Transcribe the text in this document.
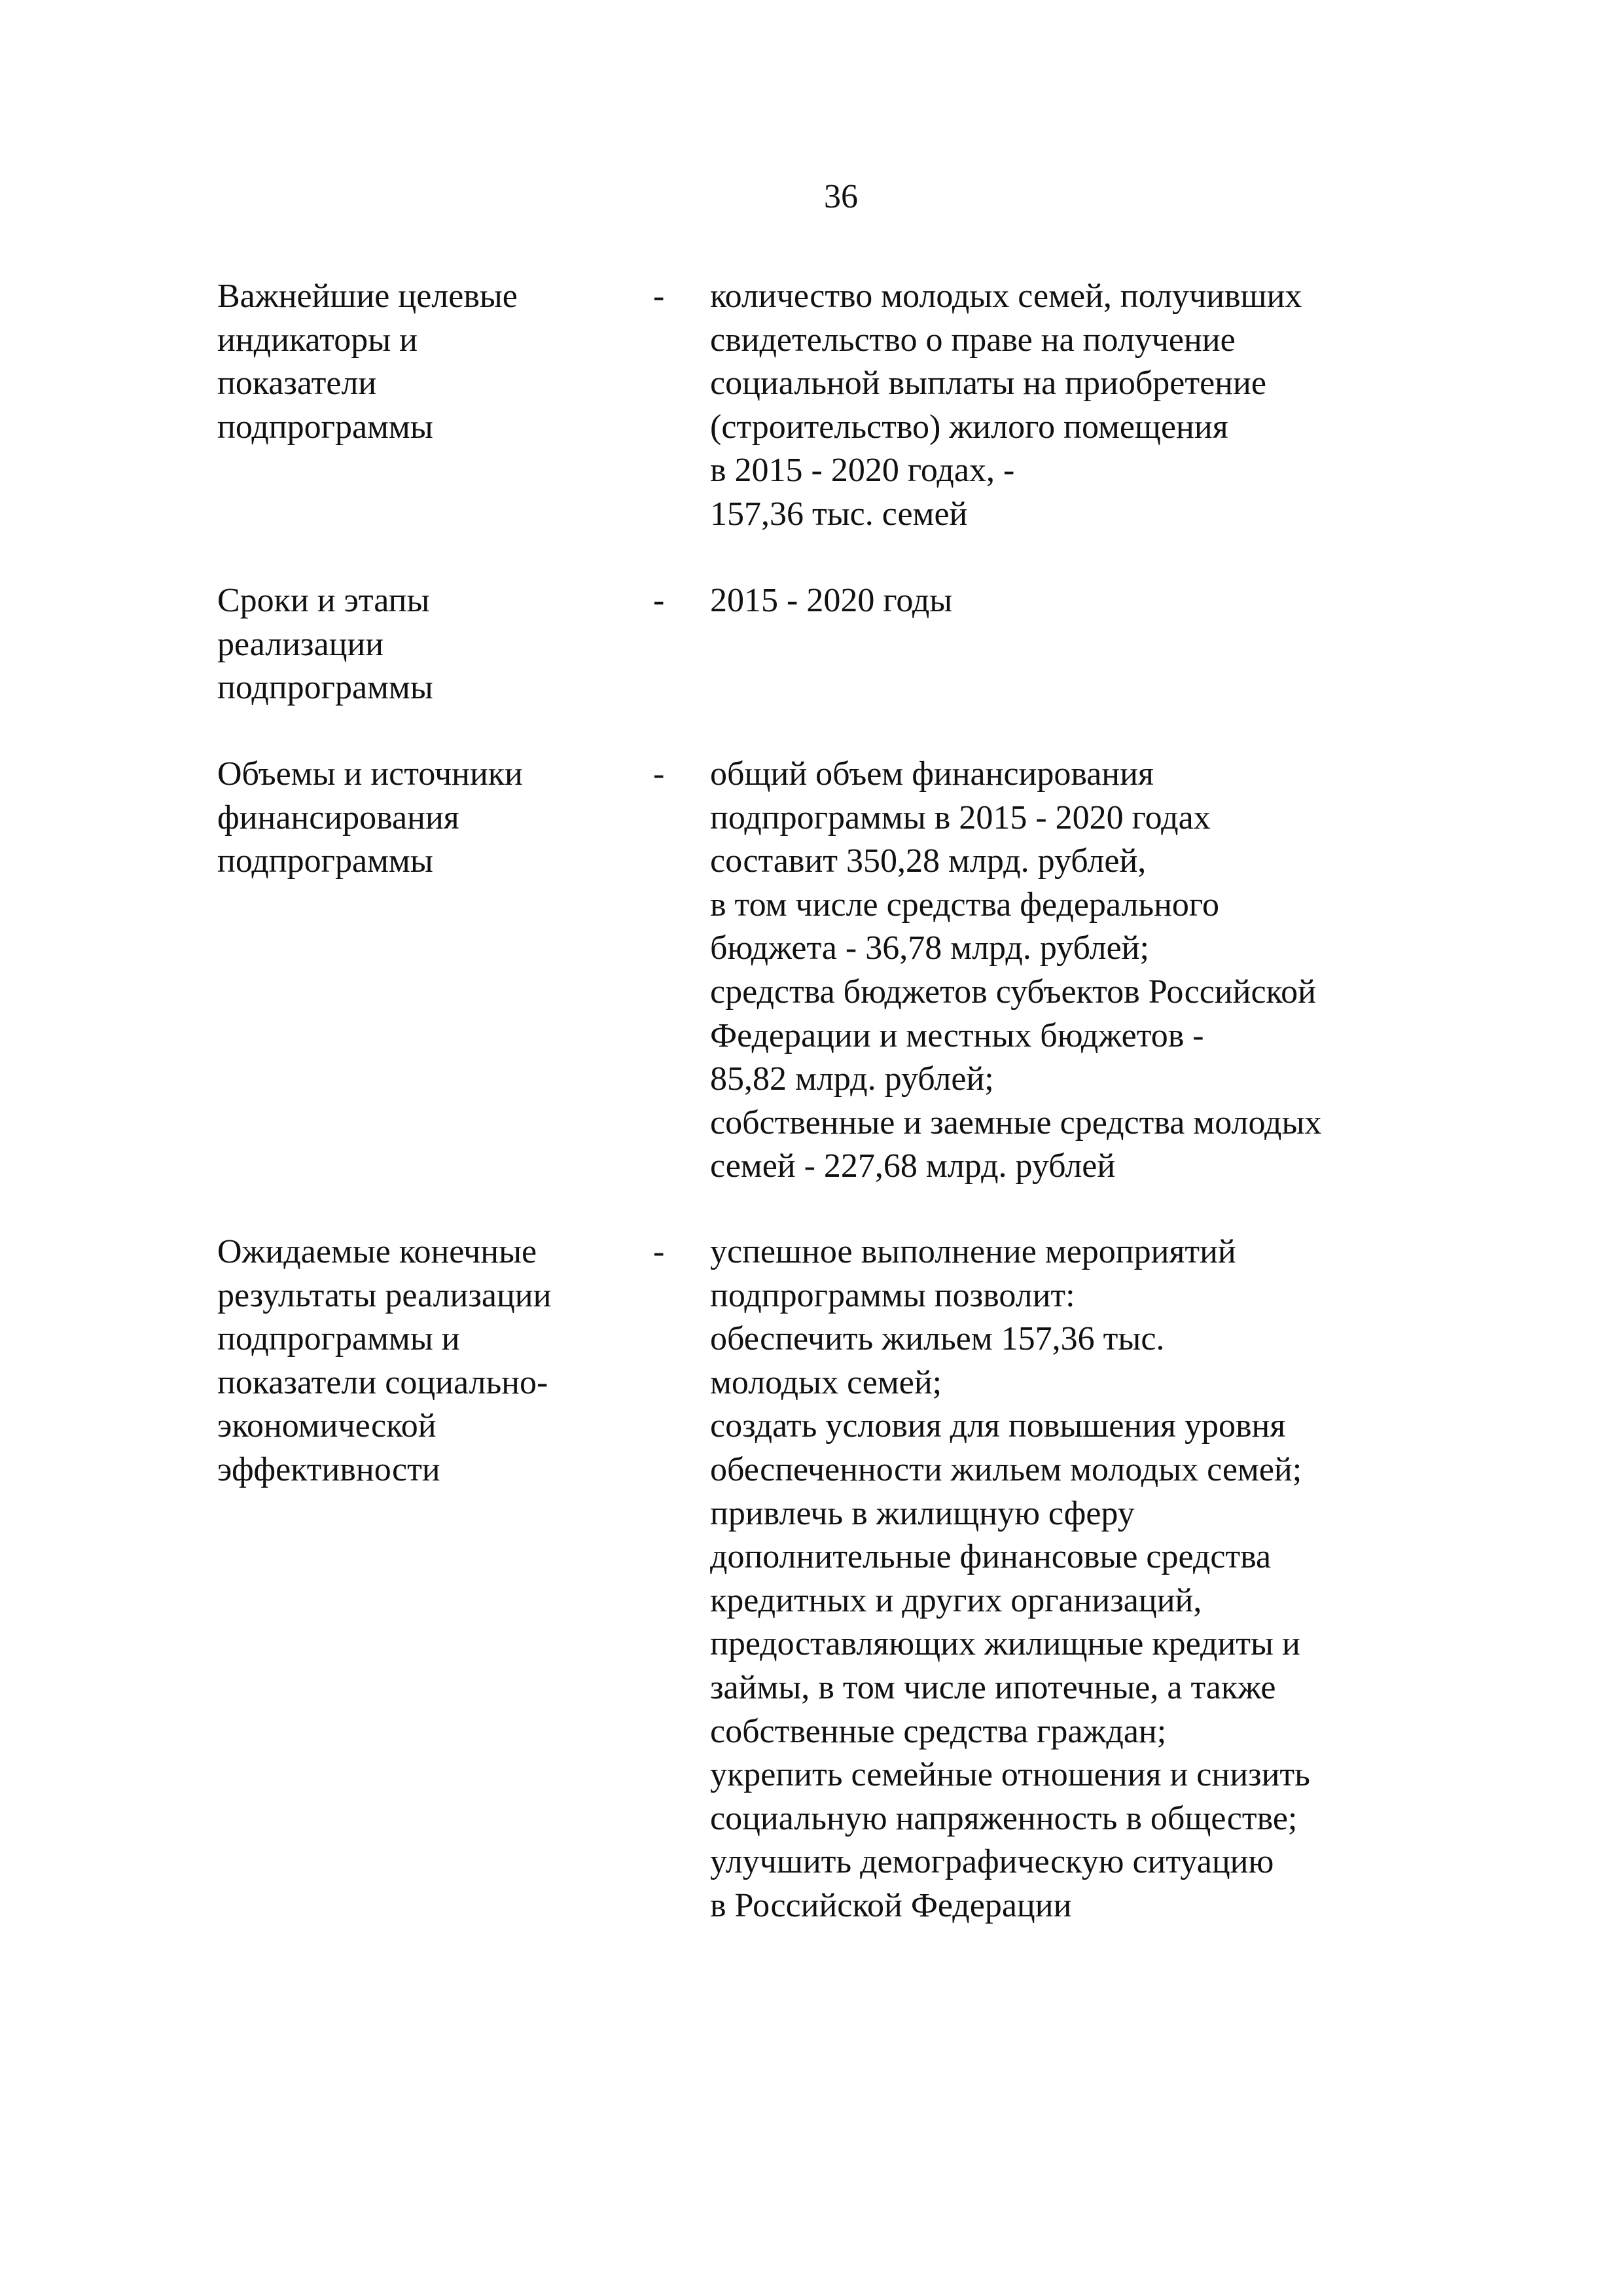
36
Важнейшие целевые
индикаторы и
показатели
подпрограммы
- количество молодых семей, получивших
свидетельство о праве на получение
социальной выплаты на приобретение
(строительство) жилого помещения
в 2015 - 2020 годах, -
157,36 тыс. семей
Сроки и этапы
реализации
подпрограммы
- 2015 - 2020 годы
Объемы и источники
финансирования
подпрограммы
- общий объем финансирования
подпрограммы в 2015 - 2020 годах
составит 350,28 млрд. рублей,
в том числе средства федерального
бюджета - 36,78 млрд. рублей;
средства бюджетов субъектов Российской
Федерации и местных бюджетов -
85,82 млрд. рублей;
собственные и заемные средства молодых
семей - 227,68 млрд. рублей
Ожидаемые конечные
результаты реализации
подпрограммы и
показатели социально-
экономической
эффективности
- успешное выполнение мероприятий
подпрограммы позволит:
обеспечить жильем 157,36 тыс.
молодых семей;
создать условия для повышения уровня
обеспеченности жильем молодых семей;
привлечь в жилищную сферу
дополнительные финансовые средства
кредитных и других организаций,
предоставляющих жилищные кредиты и
займы, в том числе ипотечные, а также
собственные средства граждан;
укрепить семейные отношения и снизить
социальную напряженность в обществе;
улучшить демографическую ситуацию
в Российской Федерации
